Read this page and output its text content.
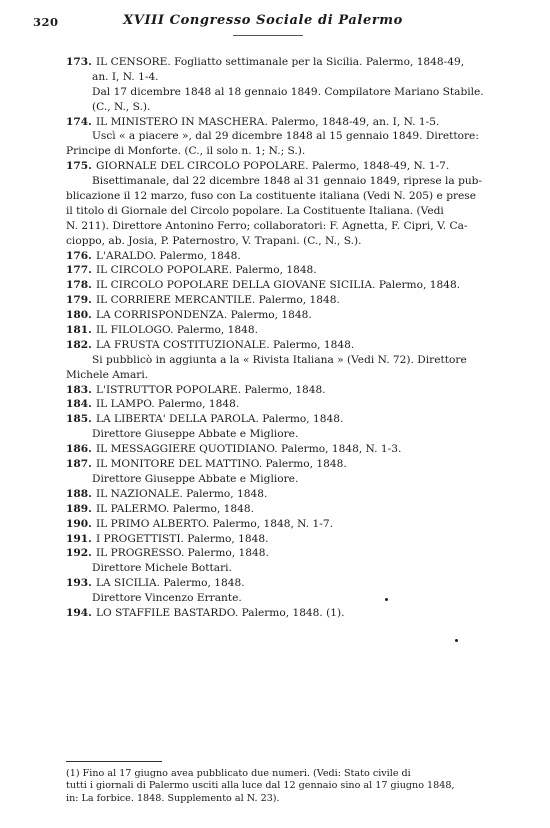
320	XVIII Congresso Sociale di Palermo
173. IL CENSORE. Fogliatto settimanale per la Sicilia. Palermo, 1848-49,
an. I, N. 1-4.
Dal 17 dicembre 1848 al 18 gennaio 1849. Compilatore Mariano Stabile.
(C., N., S.).
174. IL MINISTERO IN MASCHERA. Palermo, 1848-49, an. I, N. 1-5.
Uscì « a piacere », dal 29 dicembre 1848 al 15 gennaio 1849. Direttore:
Principe di Monforte. (C., il solo n. 1; N.; S.).
175. GIORNALE DEL CIRCOLO POPOLARE. Palermo, 1848-49, N. 1-7.
Bisettimanale, dal 22 dicembre 1848 al 31 gennaio 1849, riprese la pub-
blicazione il 12 marzo, fuso con La costituente italiana (Vedi N. 205) e prese
il titolo di Giornale del Circolo popolare. La Costituente Italiana. (Vedi
N. 211). Direttore Antonino Ferro; collaboratori: F. Agnetta, F. Cipri, V. Ca-
cioppo, ab. Josia, P. Paternostro, V. Trapani. (C., N., S.).
176. L'ARALDO. Palermo, 1848.
177. IL CIRCOLO POPOLARE. Palermo, 1848.
178. IL CIRCOLO POPOLARE DELLA GIOVANE SICILIA. Palermo, 1848.
179. IL CORRIERE MERCANTILE. Palermo, 1848.
180. LA CORRISPONDENZA. Palermo, 1848.
181. IL FILOLOGO. Palermo, 1848.
182. LA FRUSTA COSTITUZIONALE. Palermo, 1848.
Si pubblicò in aggiunta a la « Rivista Italiana » (Vedi N. 72). Direttore
Michele Amari.
183. L'ISTRUTTOR POPOLARE. Palermo, 1848.
184. IL LAMPO. Palermo, 1848.
185. LA LIBERTA' DELLA PAROLA. Palermo, 1848.
Direttore Giuseppe Abbate e Migliore.
186. IL MESSAGGIERE QUOTIDIANO. Palermo, 1848, N. 1-3.
187. IL MONITORE DEL MATTINO. Palermo, 1848.
Direttore Giuseppe Abbate e Migliore.
188. IL NAZIONALE. Palermo, 1848.
189. IL PALERMO. Palermo, 1848.
190. IL PRIMO ALBERTO. Palermo, 1848, N. 1-7.
191. I PROGETTISTI. Palermo, 1848.
192. IL PROGRESSO. Palermo, 1848.
Direttore Michele Bottari.
193. LA SICILIA. Palermo, 1848.
Direttore Vincenzo Errante.
194. LO STAFFILE BASTARDO. Palermo, 1848. (1).
(1) Fino al 17 giugno avea pubblicato due numeri. (Vedi: Stato civile di
tutti i giornali di Palermo usciti alla luce dal 12 gennaio sino al 17 giugno 1848,
in: La forbice. 1848. Supplemento al N. 23).
